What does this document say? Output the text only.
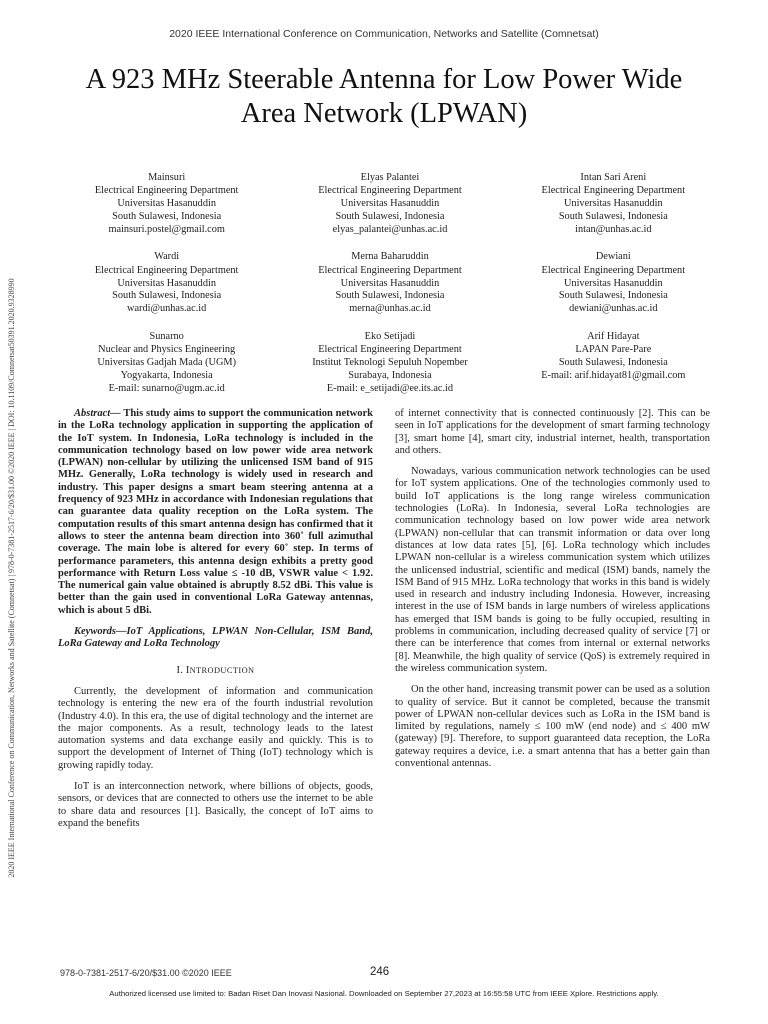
2020 IEEE International Conference on Communication, Networks and Satellite (Comnetsat)
A 923 MHz Steerable Antenna for Low Power Wide
Area Network (LPWAN)
2020 IEEE International Conference on Communication, Networks and Satellite (Comnetsat) | 978-0-7381-2517-6/20/$31.00 ©2020 IEEE | DOI: 10.1109/Comnetsat50391.2020.9328990
Mainsuri
Electrical Engineering Department
Universitas Hasanuddin
South Sulawesi, Indonesia
mainsuri.postel@gmail.com
Elyas Palantei
Electrical Engineering Department
Universitas Hasanuddin
South Sulawesi, Indonesia
elyas_palantei@unhas.ac.id
Intan Sari Areni
Electrical Engineering Department
Universitas Hasanuddin
South Sulawesi, Indonesia
intan@unhas.ac.id
Wardi
Electrical Engineering Department
Universitas Hasanuddin
South Sulawesi, Indonesia
wardi@unhas.ac.id
Merna Baharuddin
Electrical Engineering Department
Universitas Hasanuddin
South Sulawesi, Indonesia
merna@unhas.ac.id
Dewiani
Electrical Engineering Department
Universitas Hasanuddin
South Sulawesi, Indonesia
dewiani@unhas.ac.id
Sunarno
Nuclear and Physics Engineering
Universitas Gadjah Mada (UGM)
Yogyakarta, Indonesia
E-mail: sunarno@ugm.ac.id
Eko Setijadi
Electrical Engineering Department
Institut Teknologi Sepuluh Nopember
Surabaya, Indonesia
E-mail: e_setijadi@ee.its.ac.id
Arif Hidayat
LAPAN Pare-Pare
South Sulawesi, Indonesia
E-mail: arif.hidayat81@gmail.com

Abstract— This study aims to support the communication network in the LoRa technology application in supporting the application of the IoT system. In Indonesia, LoRa technology is included in the communication technology based on low power wide area network (LPWAN) non-cellular by utilizing the unlicensed ISM band of 915 MHz. Generally, LoRa technology is widely used in research and industry. This paper designs a smart beam steering antenna at a frequency of 923 MHz in accordance with Indonesian regulations that can guarantee data quality reception on the LoRa system. The computation results of this smart antenna design has confirmed that it allows to steer the antenna beam direction into 360˚ full azimuthal coverage. The main lobe is altered for every 60˚ step. In terms of performance parameters, this antenna design exhibits a pretty good performance with Return Loss value ≤ -10 dB, VSWR value < 1.92. The numerical gain value obtained is abruptly 8.52 dBi. This value is better than the gain used in conventional LoRa Gateway antennas, which is about 5 dBi.

Keywords—IoT Applications, LPWAN Non-Cellular, ISM Band, LoRa Gateway and LoRa Technology

I. INTRODUCTION

Currently, the development of information and communication technology is entering the new era of the fourth industrial revolution (Industry 4.0). In this era, the use of digital technology and the internet are the major components. As a result, technology leads to the latest automation systems and data exchange easily and quickly. This is to support the development of Internet of Thing (IoT) technology which is growing rapidly today.

IoT is an interconnection network, where billions of objects, goods, sensors, or devices that are connected to others use the internet to be able to share data and resources [1]. Basically, the concept of IoT aims to expand the benefits

of internet connectivity that is connected continuously [2]. This can be seen in IoT applications for the development of smart farming technology [3], smart home [4], smart city, industrial internet, health, transportation and others.

Nowadays, various communication network technologies can be used for IoT system applications. One of the technologies commonly used to build IoT applications is the long range wireless communication technologies (LoRa). In Indonesia, several LoRa technologies are communication technology based on low power wide area network (LPWAN) non-cellular that can transmit information or data over long distances at low data rates [5], [6]. LoRa technology which includes LPWAN non-cellular is a wireless communication system which utilizes the unlicensed industrial, scientific and medical (ISM) bands, namely the ISM Band of 915 MHz. LoRa technology that works in this band is widely used in research and industry including Indonesia. However, increasing interest in the use of ISM bands in large numbers of wireless applications has emerged that ISM bands is going to be fully occupied, resulting in problems in communication, including decreased quality of service [7] or there can be interference that comes from internal or external networks [8]. Meanwhile, the high quality of service (QoS) is extremely required in the wireless communication system.

On the other hand, increasing transmit power can be used as a solution to quality of service. But it cannot be completed, because the transmit power of LPWAN non-cellular devices such as LoRa in the ISM band is limited by regulations, namely ≤ 100 mW (end node) and ≤ 400 mW (gateway) [9]. Therefore, to support guaranteed data reception, the LoRa gateway requires a device, i.e. a smart antenna that has a better gain than conventional antennas.

978-0-7381-2517-6/20/$31.00 ©2020 IEEE	246
Authorized licensed use limited to: Badan Riset Dan Inovasi Nasional. Downloaded on September 27,2023 at 16:55:58 UTC from IEEE Xplore. Restrictions apply.
